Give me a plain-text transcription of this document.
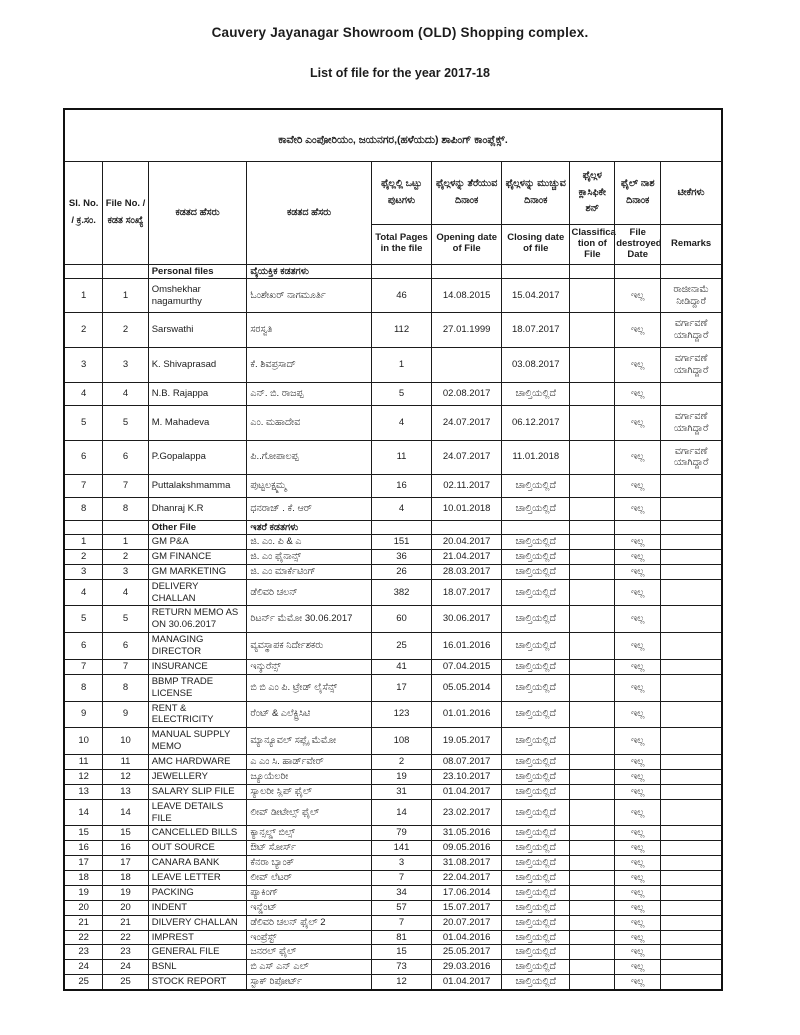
Cauvery Jayanagar Showroom (OLD) Shopping complex.
List of file for the year 2017-18
ಕಾವೇರಿ ಎಂಪೋರಿಯಂ, ಜಯನಗರ,(ಹಳೆಯದು) ಶಾಪಿಂಗ್ ಕಾಂಪ್ಲೆಕ್ಸ್.									
Sl. No. / ಕ್ರ.ಸಂ.	File No. / ಕಡತ ಸಂಖ್ಯೆ	ಕಡತದ ಹೆಸರು	ಕಡತದ ಹೆಸರು	ಫೈಲ್ಲಲ್ಲಿ ಒಟ್ಟು ಪುಟಗಳು	ಫೈಲ್ಗಳನ್ನು ತೆರೆಯುವ ದಿನಾಂಕ	ಫೈಲ್ಗಳನ್ನು ಮುಚ್ಚುವ ದಿನಾಂಕ	ಫೈಲ್ಗಳ ಕ್ಲಾಸಿಫಿಕೇ ಶನ್	ಫೈಲ್ ನಾಶ ದಿನಾಂಕ	ಟೀಕೆಗಳು
				Total Pages in the file	Opening date of File	Closing date of file	Classifica tion of File	File destroyed Date	Remarks
		Personal files	ವೈಯಕ್ತಿಕ ಕಡತಗಳು						
1	1	Omshekhar nagamurthy	ಓಂಶೇಖರ್ ನಾಗಮೂರ್ತಿ	46	14.08.2015	15.04.2017		ಇಲ್ಲ	ರಾಜೀನಾಮೆ ನೀಡಿದ್ದಾರೆ
2	2	Sarswathi	ಸರಸ್ವತಿ	112	27.01.1999	18.07.2017		ಇಲ್ಲ	ವರ್ಗಾವಣೆ ಯಾಗಿದ್ದಾರೆ
3	3	K. Shivaprasad	ಕೆ. ಶಿವಪ್ರಸಾದ್	1		03.08.2017		ಇಲ್ಲ	ವರ್ಗಾವಣೆ ಯಾಗಿದ್ದಾರೆ
4	4	N.B. Rajappa	ಎನ್. ಬಿ. ರಾಜಪ್ಪ	5	02.08.2017	ಚಾಲ್ತಿಯಲ್ಲಿದೆ		ಇಲ್ಲ	
5	5	M. Mahadeva	ಎಂ. ಮಹಾದೇವ	4	24.07.2017	06.12.2017		ಇಲ್ಲ	ವರ್ಗಾವಣೆ ಯಾಗಿದ್ದಾರೆ
6	6	P.Gopalappa	ಪಿ..ಗೋಪಾಲಪ್ಪ	11	24.07.2017	11.01.2018		ಇಲ್ಲ	ವರ್ಗಾವಣೆ ಯಾಗಿದ್ದಾರೆ
7	7	Puttalakshmamma	ಪುಟ್ಟಲಕ್ಷ್ಮಮ್ಮ	16	02.11.2017	ಚಾಲ್ತಿಯಲ್ಲಿದೆ		ಇಲ್ಲ	
8	8	Dhanraj K.R	ಧನರಾಜ್ . ಕೆ. ಆರ್	4	10.01.2018	ಚಾಲ್ತಿಯಲ್ಲಿದೆ		ಇಲ್ಲ	
		Other File	ಇತರೆ ಕಡತಗಳು						
1	1	GM P&A	ಜಿ. ಎಂ. ಪಿ & ಎ	151	20.04.2017	ಚಾಲ್ತಿಯಲ್ಲಿದೆ		ಇಲ್ಲ	
2	2	GM FINANCE	ಜಿ. ಎಂ ಫೈನಾನ್ಸ್	36	21.04.2017	ಚಾಲ್ತಿಯಲ್ಲಿದೆ		ಇಲ್ಲ	
3	3	GM MARKETING	ಜಿ. ಎಂ ಮಾರ್ಕೆಟಿಂಗ್	26	28.03.2017	ಚಾಲ್ತಿಯಲ್ಲಿದೆ		ಇಲ್ಲ	
4	4	DELIVERY CHALLAN	ಡೆಲಿವರಿ ಚಲನ್	382	18.07.2017	ಚಾಲ್ತಿಯಲ್ಲಿದೆ		ಇಲ್ಲ	
5	5	RETURN MEMO AS ON 30.06.2017	ರಿಟರ್ನ್ ಮೆಮೋ 30.06.2017	60	30.06.2017	ಚಾಲ್ತಿಯಲ್ಲಿದೆ		ಇಲ್ಲ	
6	6	MANAGING DIRECTOR	ವ್ಯವಸ್ಥಾಪಕ ನಿರ್ದೇಶಕರು	25	16.01.2016	ಚಾಲ್ತಿಯಲ್ಲಿದೆ		ಇಲ್ಲ	
7	7	INSURANCE	ಇನ್ಶುರೆನ್ಸ್	41	07.04.2015	ಚಾಲ್ತಿಯಲ್ಲಿದೆ		ಇಲ್ಲ	
8	8	BBMP TRADE LICENSE	ಬಿ ಬಿ ಎಂ ಪಿ. ಟ್ರೇಡ್ ಲೈಸೆನ್ಸ್	17	05.05.2014	ಚಾಲ್ತಿಯಲ್ಲಿದೆ		ಇಲ್ಲ	
9	9	RENT & ELECTRICITY	ರೆಂಟ್ & ಎಲೆಕ್ಟ್ರಿಸಿಟಿ	123	01.01.2016	ಚಾಲ್ತಿಯಲ್ಲಿದೆ		ಇಲ್ಲ	
10	10	MANUAL SUPPLY MEMO	ಮ್ಯಾನ್ಯೂವಲ್ ಸಪ್ಲೈ ಮೆಮೋ	108	19.05.2017	ಚಾಲ್ತಿಯಲ್ಲಿದೆ		ಇಲ್ಲ	
11	11	AMC HARDWARE	ಎ ಎಂ ಸಿ. ಹಾರ್ಡ್‌ವೇರ್	2	08.07.2017	ಚಾಲ್ತಿಯಲ್ಲಿದೆ		ಇಲ್ಲ	
12	12	JEWELLERY	ಜ್ಯೂಯೆಲರೀ	19	23.10.2017	ಚಾಲ್ತಿಯಲ್ಲಿದೆ		ಇಲ್ಲ	
13	13	SALARY SLIP FILE	ಸ್ಯಾಲರೀ ಸ್ಲಿಪ್ ಫೈಲ್	31	01.04.2017	ಚಾಲ್ತಿಯಲ್ಲಿದೆ		ಇಲ್ಲ	
14	14	LEAVE DETAILS FILE	ಲೀವ್ ಡೀಟೇಲ್ಸ್ ಫೈಲ್	14	23.02.2017	ಚಾಲ್ತಿಯಲ್ಲಿದೆ		ಇಲ್ಲ	
15	15	CANCELLED BILLS	ಕ್ಯಾನ್ಸಲ್ಡ್ ಬಿಲ್ಸ್	79	31.05.2016	ಚಾಲ್ತಿಯಲ್ಲಿದೆ		ಇಲ್ಲ	
16	16	OUT SOURCE	ಔಟ್ ಸೋರ್ಸ್	141	09.05.2016	ಚಾಲ್ತಿಯಲ್ಲಿದೆ		ಇಲ್ಲ	
17	17	CANARA BANK	ಕೆನರಾ ಬ್ಯಾಂಕ್	3	31.08.2017	ಚಾಲ್ತಿಯಲ್ಲಿದೆ		ಇಲ್ಲ	
18	18	LEAVE LETTER	ಲೀವ್ ಲೆಟರ್	7	22.04.2017	ಚಾಲ್ತಿಯಲ್ಲಿದೆ		ಇಲ್ಲ	
19	19	PACKING	ಪ್ಯಾಕಿಂಗ್	34	17.06.2014	ಚಾಲ್ತಿಯಲ್ಲಿದೆ		ಇಲ್ಲ	
20	20	INDENT	ಇನ್ಡೆಂಟ್	57	15.07.2017	ಚಾಲ್ತಿಯಲ್ಲಿದೆ		ಇಲ್ಲ	
21	21	DILVERY CHALLAN	ಡೆಲಿವರಿ ಚಲನ್ ಫೈಲ್ 2	7	20.07.2017	ಚಾಲ್ತಿಯಲ್ಲಿದೆ		ಇಲ್ಲ	
22	22	IMPREST	ಇಂಪ್ರೆಸ್ಟ್	81	01.04.2016	ಚಾಲ್ತಿಯಲ್ಲಿದೆ		ಇಲ್ಲ	
23	23	GENERAL FILE	ಜನರಲ್ ಫೈಲ್	15	25.05.2017	ಚಾಲ್ತಿಯಲ್ಲಿದೆ		ಇಲ್ಲ	
24	24	BSNL	ಬಿ ಎಸ್ ಎನ್ ಎಲ್	73	29.03.2016	ಚಾಲ್ತಿಯಲ್ಲಿದೆ		ಇಲ್ಲ	
25	25	STOCK REPORT	ಸ್ಟಾಕ್ ರಿಪೋರ್ಟ್	12	01.04.2017	ಚಾಲ್ತಿಯಲ್ಲಿದೆ		ಇಲ್ಲ	
